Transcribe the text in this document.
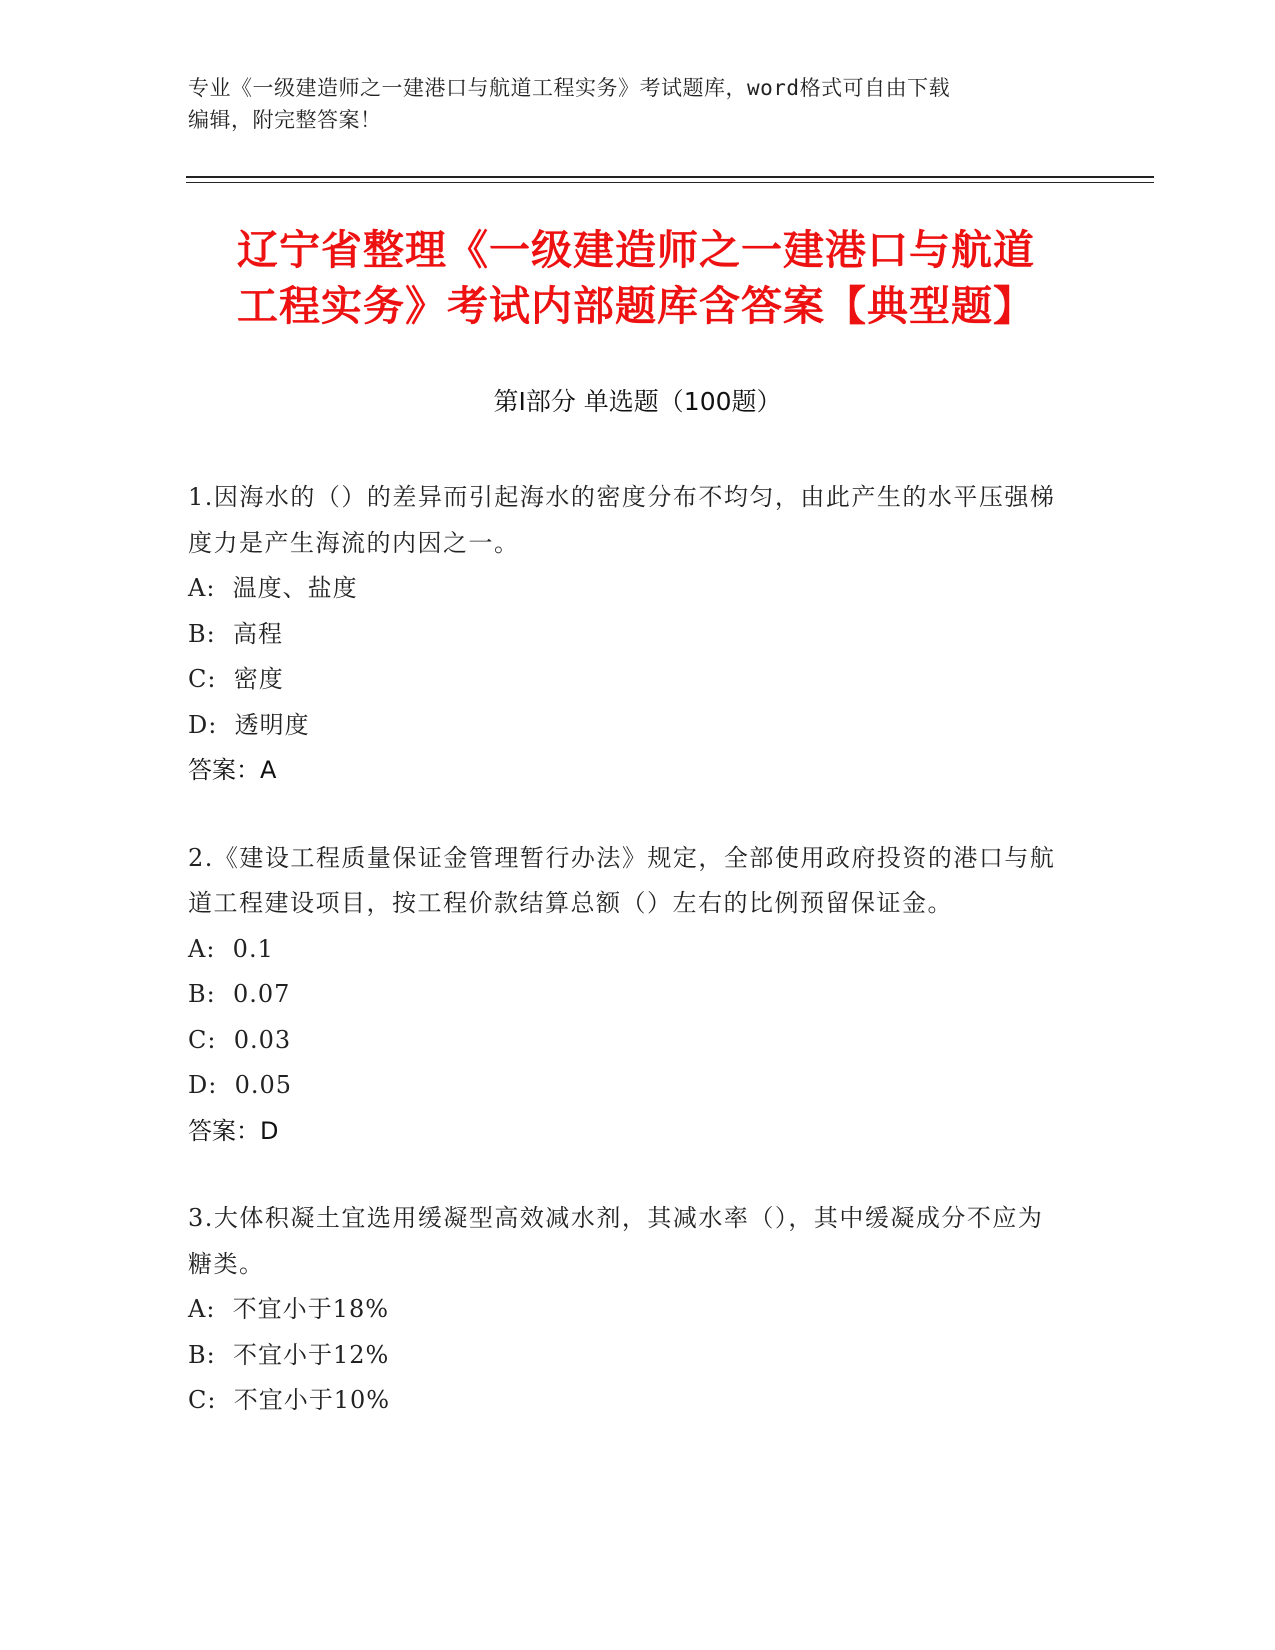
专业《一级建造师之一建港口与航道工程实务》考试题库，word格式可自由下载
编辑，附完整答案！
辽宁省整理《一级建造师之一建港口与航道
工程实务》考试内部题库含答案【典型题】
第Ⅰ部分 单选题（100题）

1.因海水的（）的差异而引起海水的密度分布不均匀，由此产生的水平压强梯度力是产生海流的内因之一。

A:  温度、盐度

B:  高程

C:  密度

D:  透明度

答案：A

2.《建设工程质量保证金管理暂行办法》规定，全部使用政府投资的港口与航道工程建设项目，按工程价款结算总额（）左右的比例预留保证金。

A:  0.1

B:  0.07

C:  0.03

D:  0.05

答案：D

3.大体积凝土宜选用缓凝型高效减水剂，其减水率（），其中缓凝成分不应为糖类。

A:  不宜小于18%

B:  不宜小于12%

C:  不宜小于10%
